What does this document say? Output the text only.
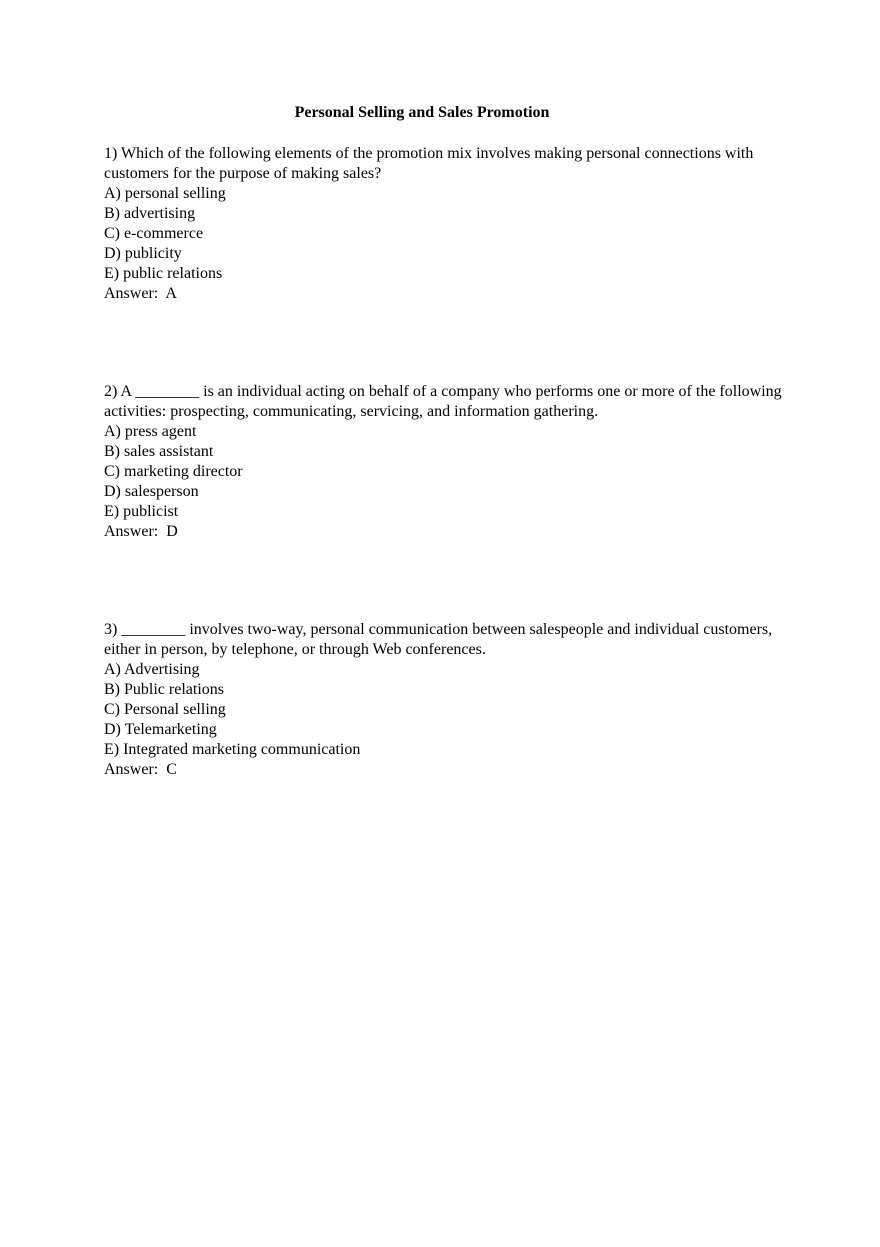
Personal Selling and Sales Promotion

1) Which of the following elements of the promotion mix involves making personal connections with customers for the purpose of making sales?

A) personal selling

B) advertising

C) e-commerce

D) publicity

E) public relations

Answer:  A

2) A ________ is an individual acting on behalf of a company who performs one or more of the following activities: prospecting, communicating, servicing, and information gathering.

A) press agent

B) sales assistant

C) marketing director

D) salesperson

E) publicist

Answer:  D

3) ________ involves two-way, personal communication between salespeople and individual customers, either in person, by telephone, or through Web conferences.

A) Advertising

B) Public relations

C) Personal selling

D) Telemarketing

E) Integrated marketing communication

Answer:  C
